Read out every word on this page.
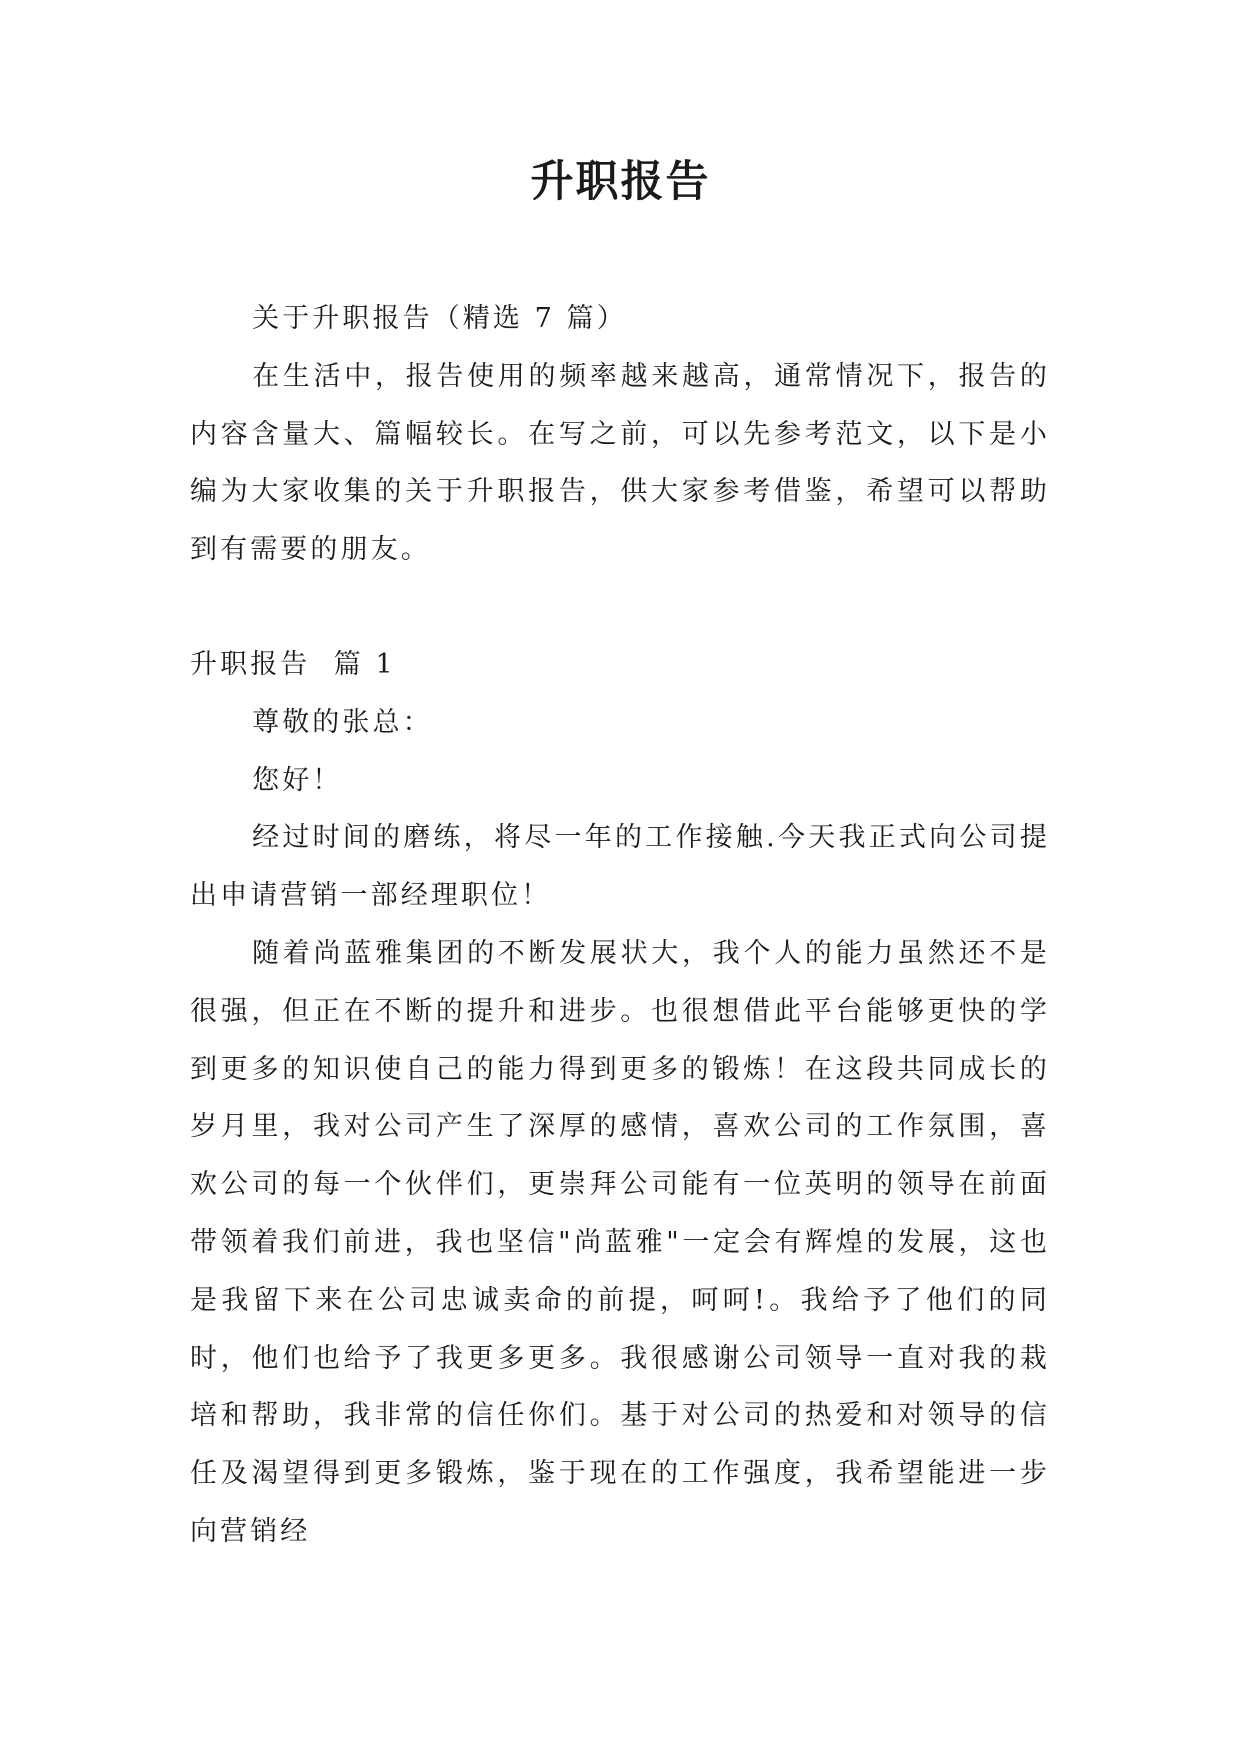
升职报告

关于升职报告（精选 7 篇）

在生活中，报告使用的频率越来越高，通常情况下，报告的内容含量大、篇幅较长。在写之前，可以先参考范文，以下是小编为大家收集的关于升职报告，供大家参考借鉴，希望可以帮助到有需要的朋友。

升职报告  篇 1

尊敬的张总：

您好！

经过时间的磨练，将尽一年的工作接触.今天我正式向公司提出申请营销一部经理职位！

随着尚蓝雅集团的不断发展状大，我个人的能力虽然还不是很强，但正在不断的提升和进步。也很想借此平台能够更快的学到更多的知识使自己的能力得到更多的锻炼！在这段共同成长的岁月里，我对公司产生了深厚的感情，喜欢公司的工作氛围，喜欢公司的每一个伙伴们，更崇拜公司能有一位英明的领导在前面带领着我们前进，我也坚信"尚蓝雅"一定会有辉煌的发展，这也是我留下来在公司忠诚卖命的前提，呵呵!。我给予了他们的同时，他们也给予了我更多更多。我很感谢公司领导一直对我的栽培和帮助，我非常的信任你们。基于对公司的热爱和对领导的信任及渴望得到更多锻炼，鉴于现在的工作强度，我希望能进一步向营销经
